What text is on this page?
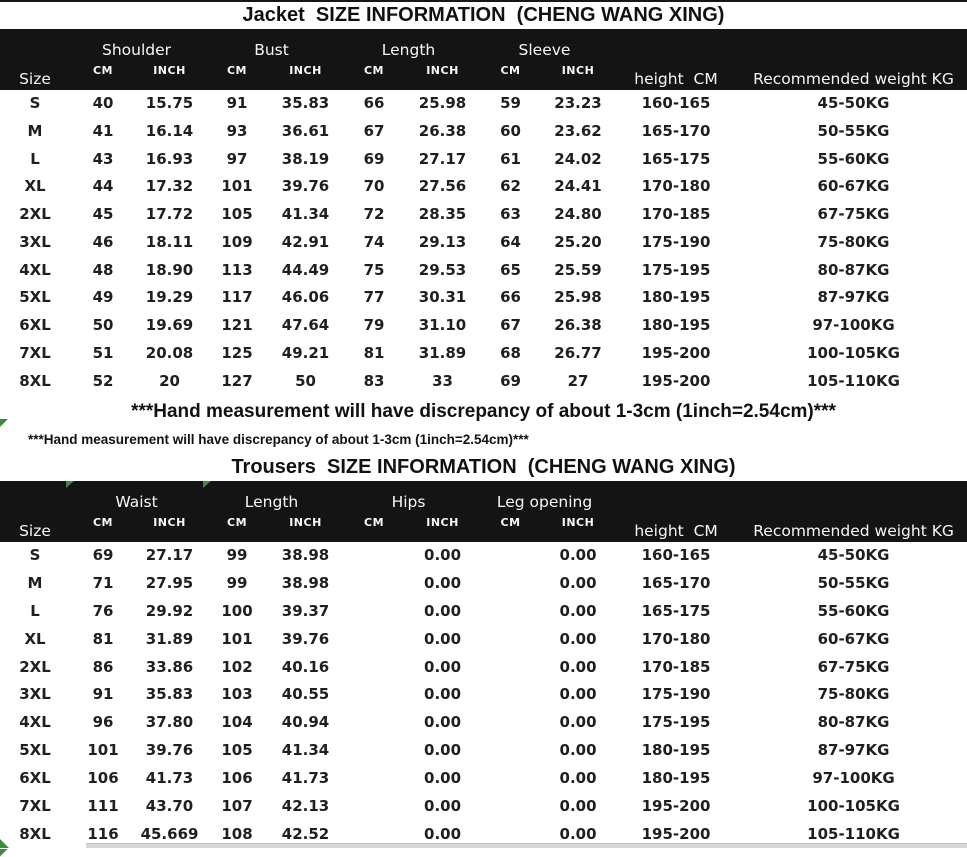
Jacket  SIZE INFORMATION  (CHENG WANG XING)
Size	Shoulder		Bust		Length		Sleeve		height  CM	Recommended weight KG
	CM	INCH	CM	INCH	CM	INCH	CM	INCH		
S	40	15.75	91	35.83	66	25.98	59	23.23	160-165	45-50KG
M	41	16.14	93	36.61	67	26.38	60	23.62	165-170	50-55KG
L	43	16.93	97	38.19	69	27.17	61	24.02	165-175	55-60KG
XL	44	17.32	101	39.76	70	27.56	62	24.41	170-180	60-67KG
2XL	45	17.72	105	41.34	72	28.35	63	24.80	170-185	67-75KG
3XL	46	18.11	109	42.91	74	29.13	64	25.20	175-190	75-80KG
4XL	48	18.90	113	44.49	75	29.53	65	25.59	175-195	80-87KG
5XL	49	19.29	117	46.06	77	30.31	66	25.98	180-195	87-97KG
6XL	50	19.69	121	47.64	79	31.10	67	26.38	180-195	97-100KG
7XL	51	20.08	125	49.21	81	31.89	68	26.77	195-200	100-105KG
8XL	52	20	127	50	83	33	69	27	195-200	105-110KG

***Hand measurement will have discrepancy of about 1-3cm (1inch=2.54cm)***

***Hand measurement will have discrepancy of about 1-3cm (1inch=2.54cm)***

Trousers  SIZE INFORMATION  (CHENG WANG XING)
Size	Waist		Length		Hips		Leg opening		height  CM	Recommended weight KG
	CM	INCH	CM	INCH	CM	INCH	CM	INCH		
S	69	27.17	99	38.98		0.00		0.00	160-165	45-50KG
M	71	27.95	99	38.98		0.00		0.00	165-170	50-55KG
L	76	29.92	100	39.37		0.00		0.00	165-175	55-60KG
XL	81	31.89	101	39.76		0.00		0.00	170-180	60-67KG
2XL	86	33.86	102	40.16		0.00		0.00	170-185	67-75KG
3XL	91	35.83	103	40.55		0.00		0.00	175-190	75-80KG
4XL	96	37.80	104	40.94		0.00		0.00	175-195	80-87KG
5XL	101	39.76	105	41.34		0.00		0.00	180-195	87-97KG
6XL	106	41.73	106	41.73		0.00		0.00	180-195	97-100KG
7XL	111	43.70	107	42.13		0.00		0.00	195-200	100-105KG
8XL	116	45.669	108	42.52		0.00		0.00	195-200	105-110KG
